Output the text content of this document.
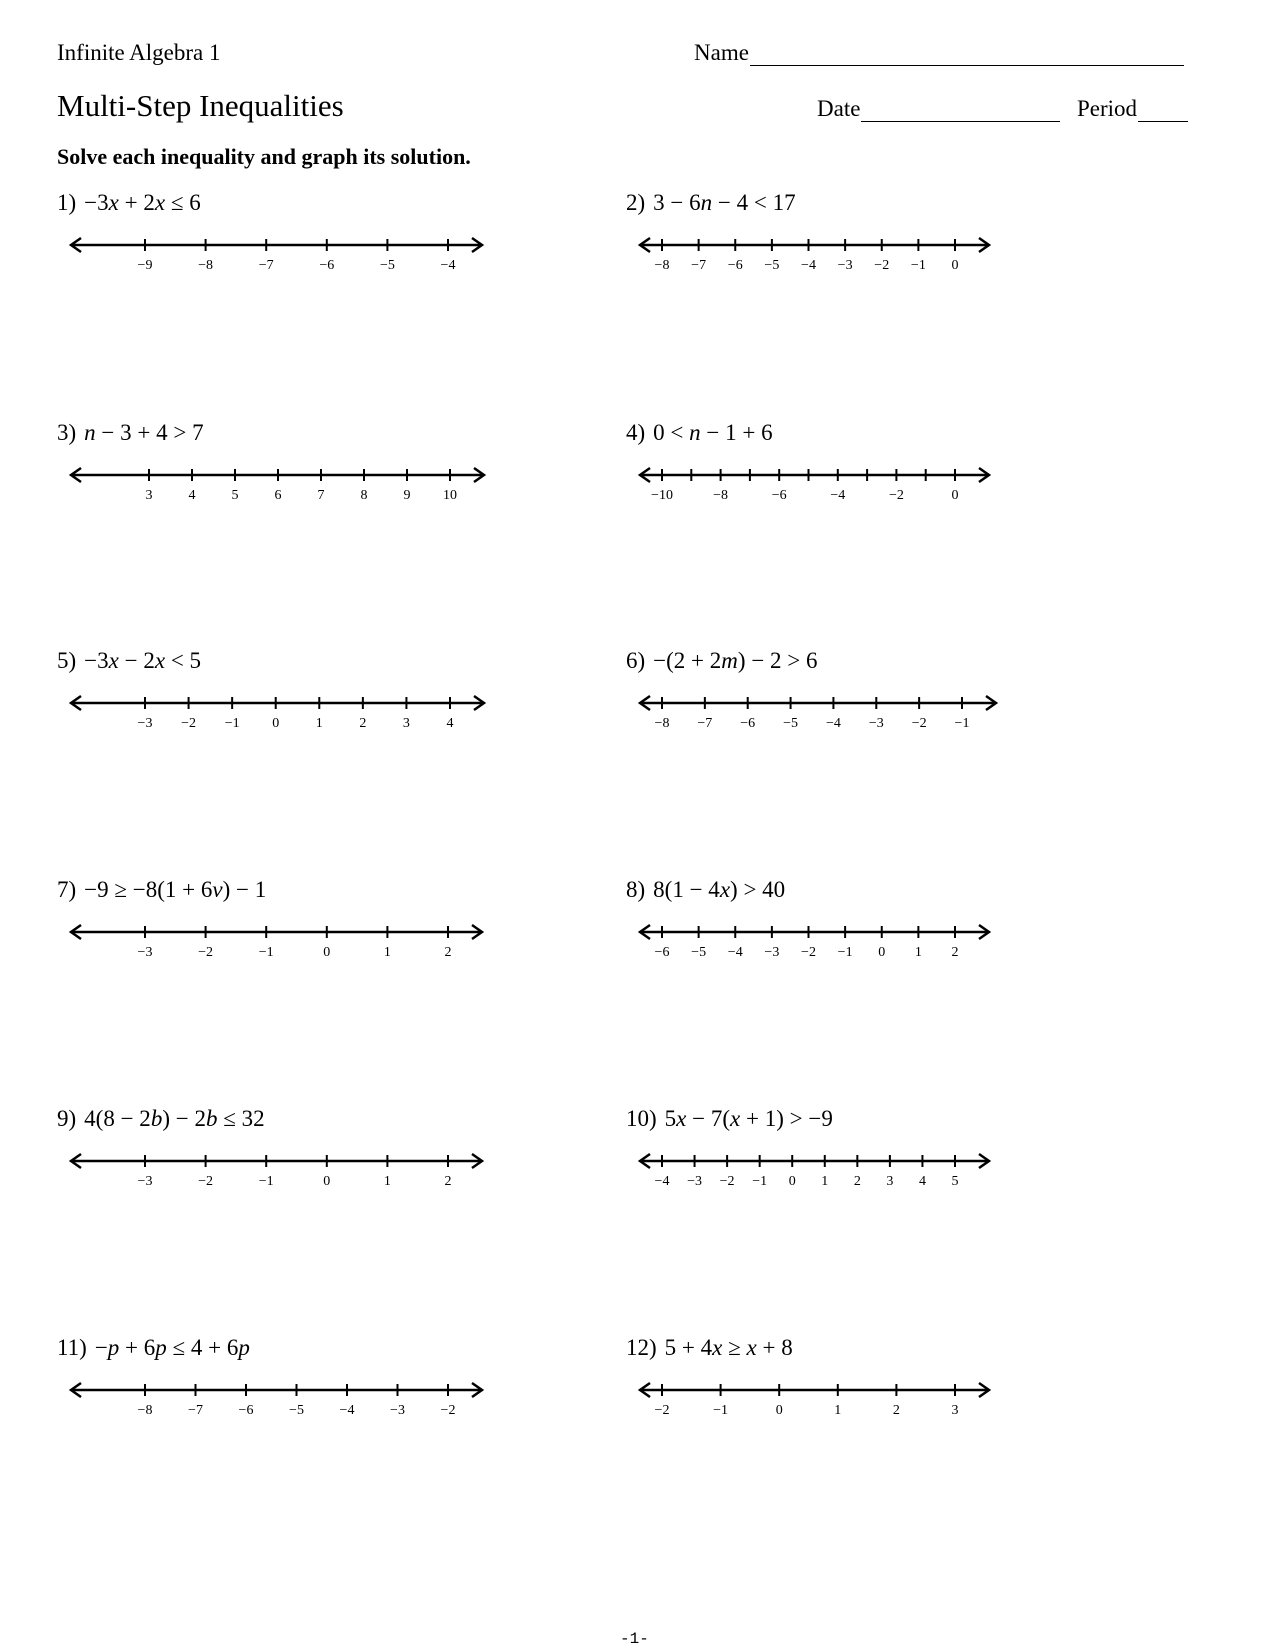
Infinite Algebra 1	Name
Multi-Step Inequalities	Date	Period
Solve each inequality and graph its solution.
1) −3x + 2x ≤ 6
−9	−8	−7	−6	−5	−4
2) 3 − 6n − 4 < 17
−8 −7 −6 −5 −4 −3 −2 −1 0
3) n − 3 + 4 > 7
3	4	5	6	7	8	9 10
4) 0 < n − 1 + 6
−10	−8	−6	−4	−2	0
5) −3x − 2x < 5
−3 −2 −1 0	1	2	3	4
6) −(2 + 2m) − 2 > 6
−8 −7 −6 −5 −4 −3 −2 −1
7) −9 ≥ −8(1 + 6v) − 1
−3	−2	−1	0	1	2
8) 8(1 − 4x) > 40
−6 −5 −4 −3 −2 −1 0 1 2
9) 4(8 − 2b) − 2b ≤ 32
−3	−2	−1	0	1	2
10) 5x − 7(x + 1) > −9
−4 −3 −2 −1 0 1 2 3 4 5
11) −p + 6p ≤ 4 + 6p
−8	−7	−6	−5	−4	−3	−2
12) 5 + 4x ≥ x + 8
−2	−1	0	1	2	3
-1-
